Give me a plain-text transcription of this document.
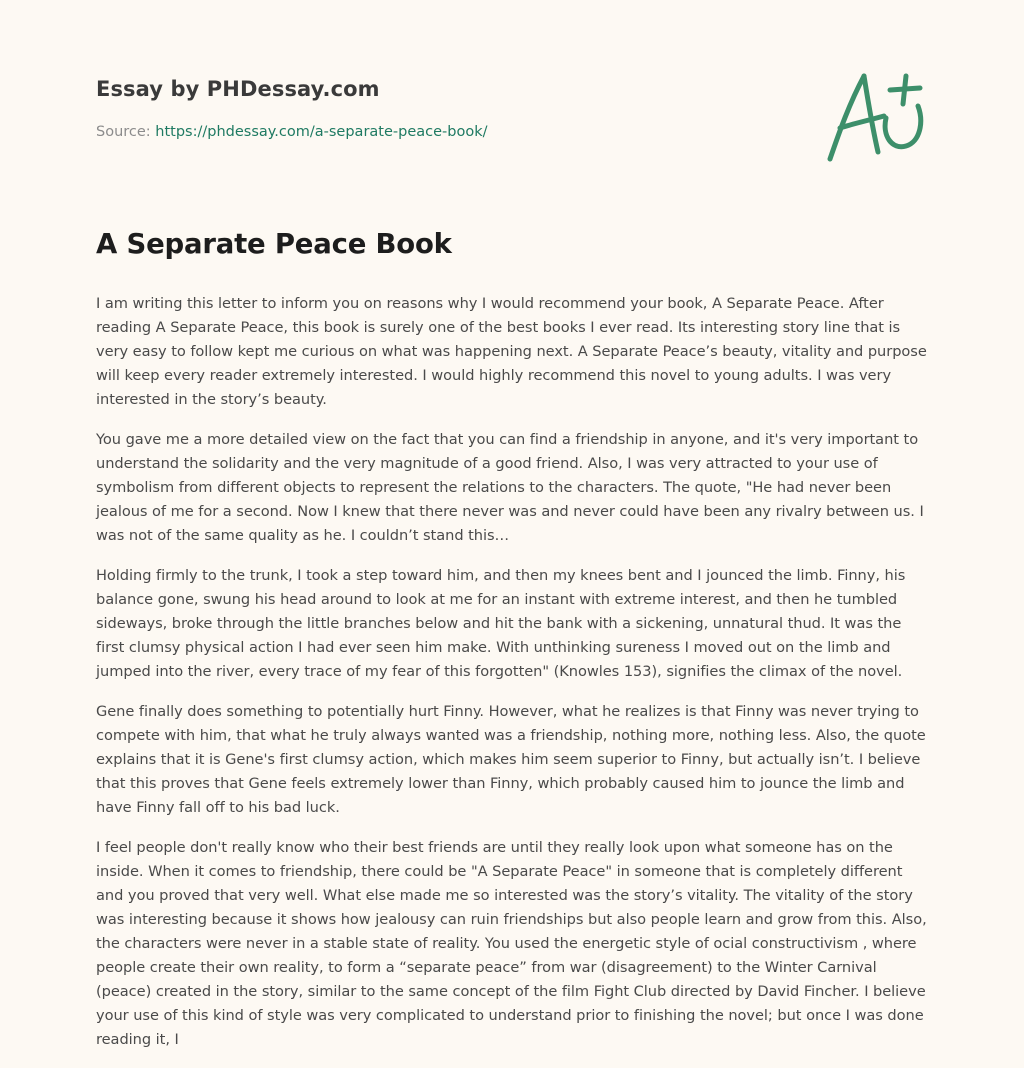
Essay by PHDessay.com
Source: https://phdessay.com/a-separate-peace-book/
A Separate Peace Book

I am writing this letter to inform you on reasons why I would recommend your book, A Separate Peace. After reading A Separate Peace, this book is surely one of the best books I ever read. Its interesting story line that is very easy to follow kept me curious on what was happening next. A Separate Peace’s beauty, vitality and purpose will keep every reader extremely interested. I would highly recommend this novel to young adults. I was very interested in the story’s beauty.

You gave me a more detailed view on the fact that you can find a friendship in anyone, and it's very important to understand the solidarity and the very magnitude of a good friend. Also, I was very attracted to your use of symbolism from different objects to represent the relations to the characters. The quote, "He had never been jealous of me for a second. Now I knew that there never was and never could have been any rivalry between us. I was not of the same quality as he. I couldn’t stand this…

Holding firmly to the trunk, I took a step toward him, and then my knees bent and I jounced the limb. Finny, his balance gone, swung his head around to look at me for an instant with extreme interest, and then he tumbled sideways, broke through the little branches below and hit the bank with a sickening, unnatural thud. It was the first clumsy physical action I had ever seen him make. With unthinking sureness I moved out on the limb and jumped into the river, every trace of my fear of this forgotten" (Knowles 153), signifies the climax of the novel.

Gene finally does something to potentially hurt Finny. However, what he realizes is that Finny was never trying to compete with him, that what he truly always wanted was a friendship, nothing more, nothing less. Also, the quote explains that it is Gene's first clumsy action, which makes him seem superior to Finny, but actually isn’t. I believe that this proves that Gene feels extremely lower than Finny, which probably caused him to jounce the limb and have Finny fall off to his bad luck.

I feel people don't really know who their best friends are until they really look upon what someone has on the inside. When it comes to friendship, there could be "A Separate Peace" in someone that is completely different and you proved that very well. What else made me so interested was the story’s vitality. The vitality of the story was interesting because it shows how jealousy can ruin friendships but also people learn and grow from this. Also, the characters were never in a stable state of reality. You used the energetic style of ocial constructivism , where people create their own reality, to form a “separate peace” from war (disagreement) to the Winter Carnival (peace) created in the story, similar to the same concept of the film Fight Club directed by David Fincher. I believe your use of this kind of style was very complicated to understand prior to finishing the novel; but once I was done reading it, I
